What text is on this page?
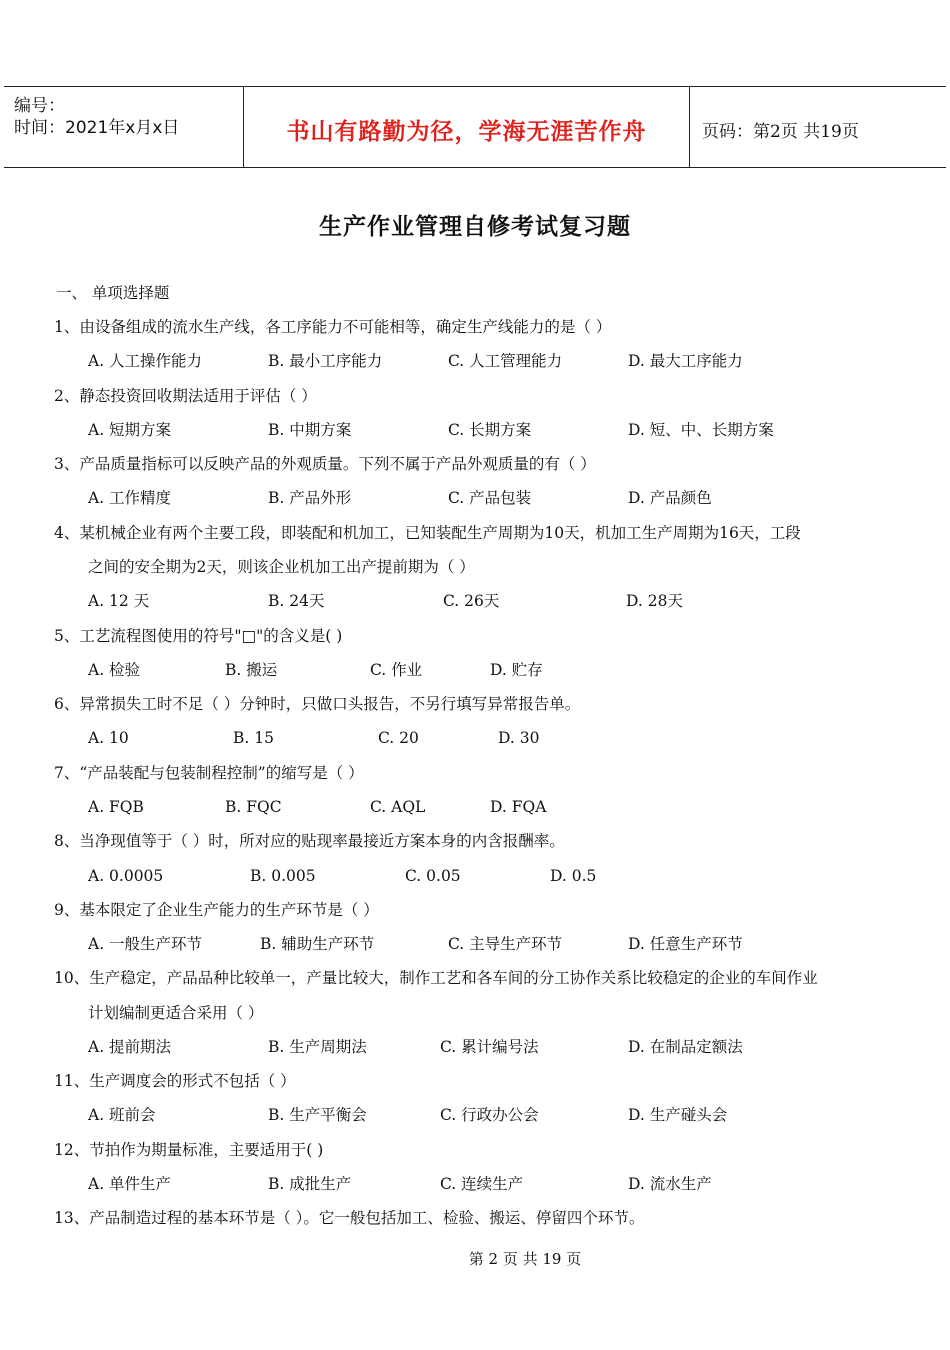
编号：
时间：2021年x月x日	书山有路勤为径，学海无涯苦作舟	页码：第2页 共19页
生产作业管理自修考试复习题
一、 单项选择题
1、由设备组成的流水生产线，各工序能力不可能相等，确定生产线能力的是（ ）
A. 人工操作能力	B. 最小工序能力	C. 人工管理能力	D. 最大工序能力
2、静态投资回收期法适用于评估（ ）
A. 短期方案	B. 中期方案	C. 长期方案	D. 短、中、长期方案
3、产品质量指标可以反映产品的外观质量。下列不属于产品外观质量的有（ ）
A. 工作精度	B. 产品外形	C. 产品包装	D. 产品颜色
4、某机械企业有两个主要工段，即装配和机加工，已知装配生产周期为10天，机加工生产周期为16天，工段
之间的安全期为2天，则该企业机加工出产提前期为（ ）
A. 12 天	B. 24天	C. 26天	D. 28天
5、工艺流程图使用的符号"□"的含义是( )
A. 检验	B. 搬运	C. 作业	D. 贮存
6、异常损失工时不足（ ）分钟时，只做口头报告，不另行填写异常报告单。
A. 10	B. 15	C. 20	D. 30
7、“产品装配与包装制程控制”的缩写是（ ）
A. FQB	B. FQC	C. AQL	D. FQA
8、当净现值等于（ ）时，所对应的贴现率最接近方案本身的内含报酬率。
A. 0.0005	B. 0.005	C. 0.05	D. 0.5
9、基本限定了企业生产能力的生产环节是（ ）
A. 一般生产环节	B. 辅助生产环节	C. 主导生产环节	D. 任意生产环节
10、生产稳定，产品品种比较单一，产量比较大，制作工艺和各车间的分工协作关系比较稳定的企业的车间作业
计划编制更适合采用（ ）
A. 提前期法	B. 生产周期法	C. 累计编号法	D. 在制品定额法
11、生产调度会的形式不包括（ ）
A. 班前会	B. 生产平衡会	C. 行政办公会	D. 生产碰头会
12、节拍作为期量标准，主要适用于( )
A. 单件生产	B. 成批生产	C. 连续生产	D. 流水生产
13、产品制造过程的基本环节是（ ）。它一般包括加工、检验、搬运、停留四个环节。
第 2 页 共 19 页
